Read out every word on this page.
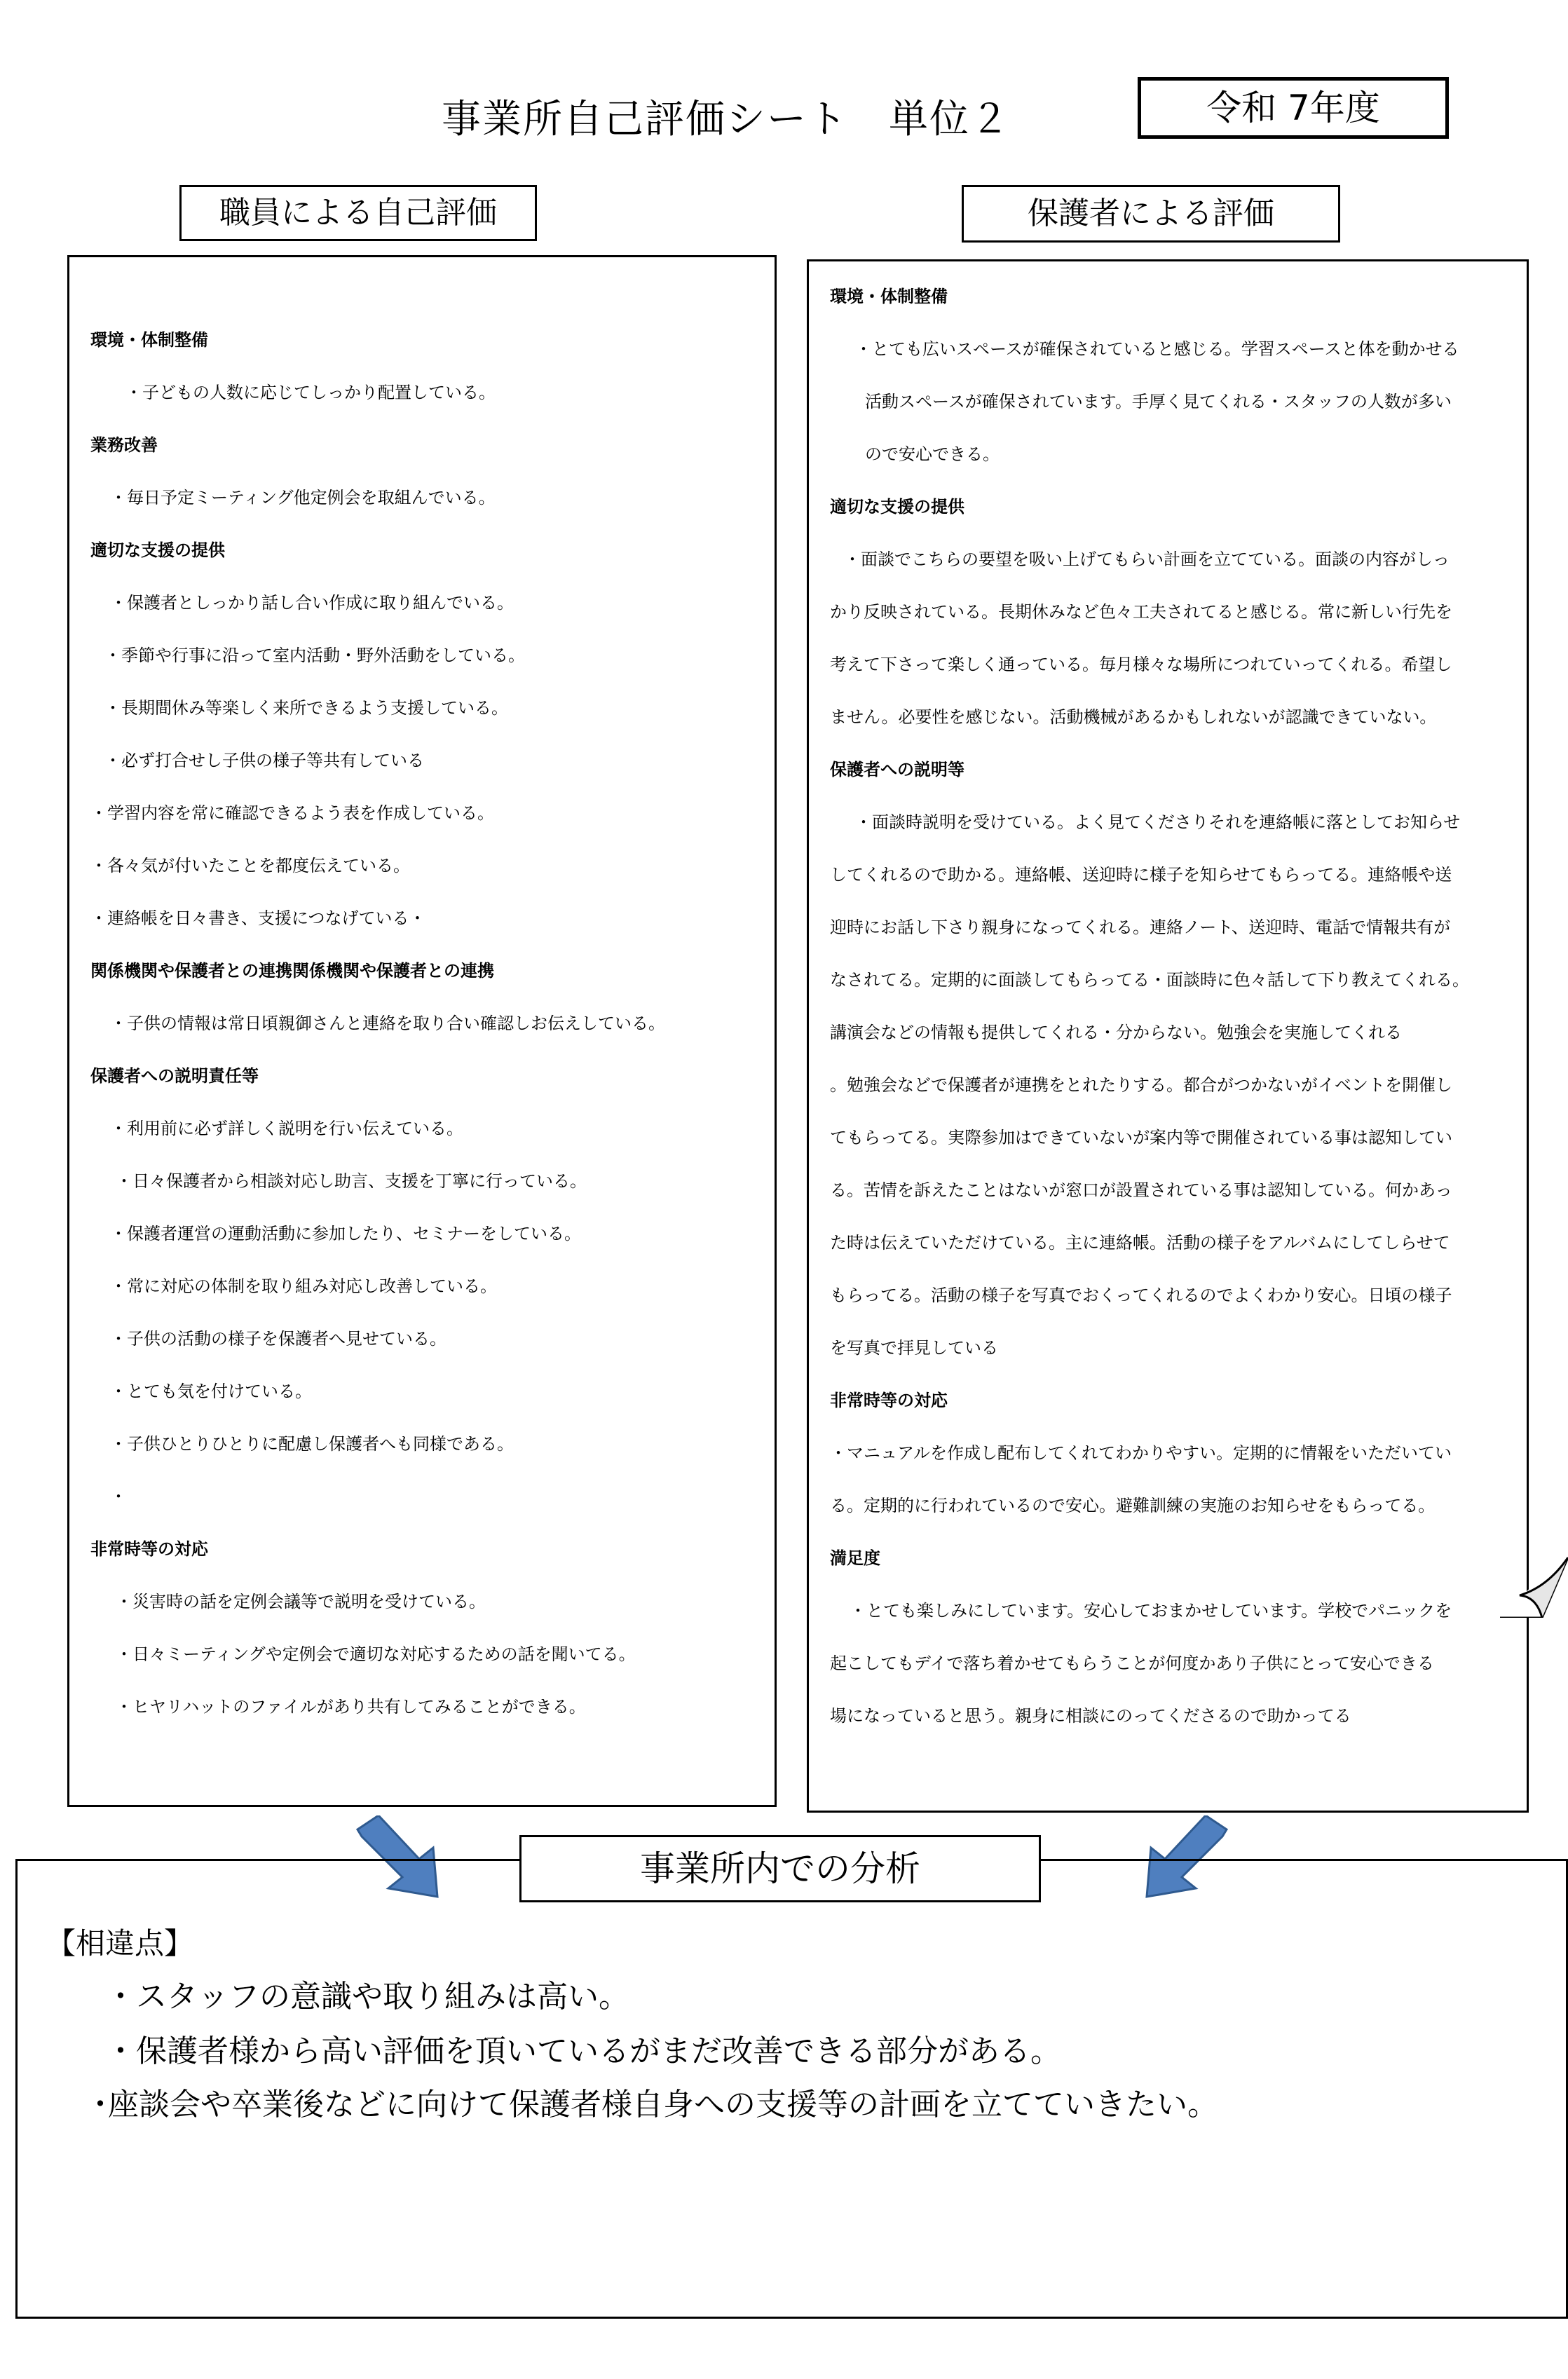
事業所自己評価シート　単位２	令和 7年度
職員による自己評価	保護者による評価
環境・体制整備
・子どもの人数に応じてしっかり配置している。
業務改善
・毎日予定ミーティング他定例会を取組んでいる。
適切な支援の提供
・保護者としっかり話し合い作成に取り組んでいる。
・季節や行事に沿って室内活動・野外活動をしている。
・長期間休み等楽しく来所できるよう支援している。
・必ず打合せし子供の様子等共有している
・学習内容を常に確認できるよう表を作成している。
・各々気が付いたことを都度伝えている。
・連絡帳を日々書き、支援につなげている・
関係機関や保護者との連携関係機関や保護者との連携
・子供の情報は常日頃親御さんと連絡を取り合い確認しお伝えしている。
保護者への説明責任等
・利用前に必ず詳しく説明を行い伝えている。
・日々保護者から相談対応し助言、支援を丁寧に行っている。
・保護者運営の運動活動に参加したり、セミナーをしている。
・常に対応の体制を取り組み対応し改善している。
・子供の活動の様子を保護者へ見せている。
・とても気を付けている。
・子供ひとりひとりに配慮し保護者へも同様である。
・
非常時等の対応
・災害時の話を定例会議等で説明を受けている。
・日々ミーティングや定例会で適切な対応するための話を聞いてる。
・ヒヤリハットのファイルがあり共有してみることができる。
環境・体制整備
・とても広いスペースが確保されていると感じる。学習スペースと体を動かせる
活動スペースが確保されています。手厚く見てくれる・スタッフの人数が多い
ので安心できる。
適切な支援の提供
・面談でこちらの要望を吸い上げてもらい計画を立てている。面談の内容がしっ
かり反映されている。長期休みなど色々工夫されてると感じる。常に新しい行先を
考えて下さって楽しく通っている。毎月様々な場所につれていってくれる。希望し
ません。必要性を感じない。活動機械があるかもしれないが認識できていない。
保護者への説明等
・面談時説明を受けている。よく見てくださりそれを連絡帳に落としてお知らせ
してくれるので助かる。連絡帳、送迎時に様子を知らせてもらってる。連絡帳や送
迎時にお話し下さり親身になってくれる。連絡ノート、送迎時、電話で情報共有が
なされてる。定期的に面談してもらってる・面談時に色々話して下り教えてくれる。
講演会などの情報も提供してくれる・分からない。勉強会を実施してくれる
。勉強会などで保護者が連携をとれたりする。都合がつかないがイベントを開催し
てもらってる。実際参加はできていないが案内等で開催されている事は認知してい
る。苦情を訴えたことはないが窓口が設置されている事は認知している。何かあっ
た時は伝えていただけている。主に連絡帳。活動の様子をアルバムにしてしらせて
もらってる。活動の様子を写真でおくってくれるのでよくわかり安心。日頃の様子
を写真で拝見している
非常時等の対応
・マニュアルを作成し配布してくれてわかりやすい。定期的に情報をいただいてい
る。定期的に行われているので安心。避難訓練の実施のお知らせをもらってる。
満足度
・とても楽しみにしています。安心しておまかせしています。学校でパニックを
起こしてもデイで落ち着かせてもらうことが何度かあり子供にとって安心できる
場になっていると思う。親身に相談にのってくださるので助かってる
事業所内での分析
【相違点】
・スタッフの意識や取り組みは高い。
・保護者様から高い評価を頂いているがまだ改善できる部分がある。
･座談会や卒業後などに向けて保護者様自身への支援等の計画を立てていきたい。
